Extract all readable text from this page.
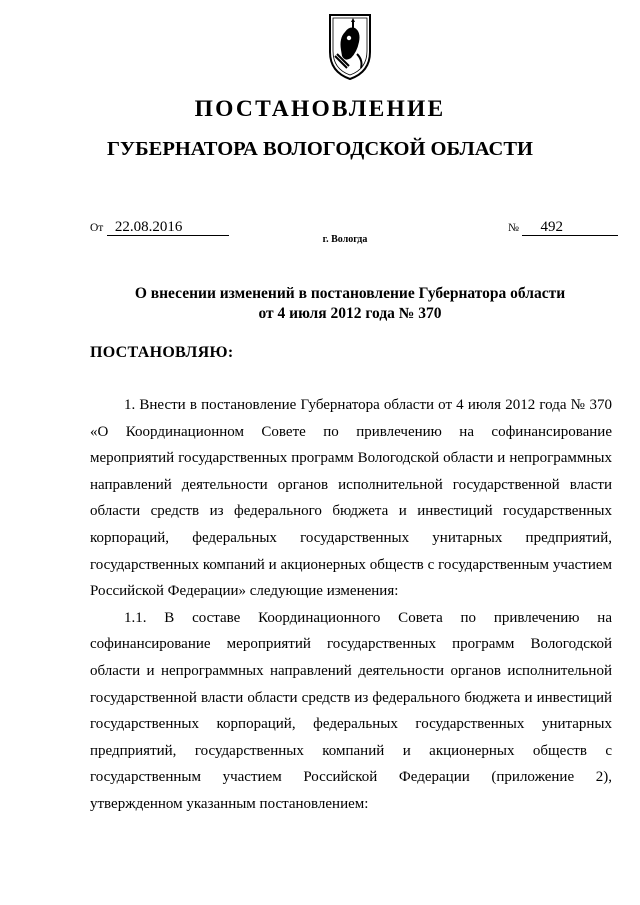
ПОСТАНОВЛЕНИЕ
ГУБЕРНАТОРА ВОЛОГОДСКОЙ ОБЛАСТИ
От 22.08.2016	№ 492
г. Вологда
О внесении изменений в постановление Губернатора области
от 4 июля 2012 года № 370
ПОСТАНОВЛЯЮ:

1. Внести в постановление Губернатора области от 4 июля 2012 года № 370 «О Координационном Совете по привлечению на софинансирование мероприятий государственных программ Вологодской области и непрограммных направлений деятельности органов исполнительной государственной власти области средств из федерального бюджета и инвестиций государственных корпораций, федеральных государственных унитарных предприятий, государственных компаний и акционерных обществ с государственным участием Российской Федерации» следующие изменения:

1.1. В составе Координационного Совета по привлечению на софинансирование мероприятий государственных программ Вологодской области и непрограммных направлений деятельности органов исполнительной государственной власти области средств из федерального бюджета и инвестиций государственных корпораций, федеральных государственных унитарных предприятий, государственных компаний и акционерных обществ с государственным участием Российской Федерации (приложение 2), утвержденном указанным постановлением:
